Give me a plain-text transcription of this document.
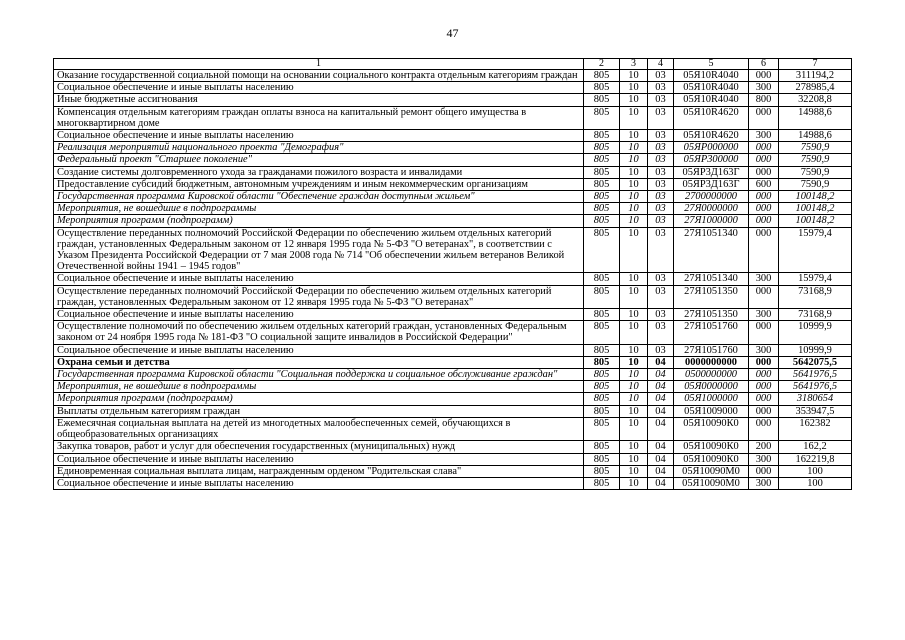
47
1	2	3	4	5	6	7
Оказание государственной социальной помощи на основании социального контракта отдельным категориям граждан	805	10	03	05Я10R4040	000	311194,2
Социальное обеспечение и иные выплаты населению	805	10	03	05Я10R4040	300	278985,4
Иные бюджетные ассигнования	805	10	03	05Я10R4040	800	32208,8
Компенсация отдельным категориям граждан оплаты взноса на капитальный ремонт общего имущества в многоквартирном доме	805	10	03	05Я10R4620	000	14988,6
Социальное обеспечение и иные выплаты населению	805	10	03	05Я10R4620	300	14988,6
Реализация мероприятий национального проекта "Демография"	805	10	03	05ЯР000000	000	7590,9
Федеральный проект "Старшее поколение"	805	10	03	05ЯР300000	000	7590,9
Создание системы долговременного ухода за гражданами пожилого возраста и инвалидами	805	10	03	05ЯР3Д163Г	000	7590,9
Предоставление субсидий бюджетным, автономным учреждениям и иным некоммерческим организациям	805	10	03	05ЯР3Д163Г	600	7590,9
Государственная программа Кировской области "Обеспечение граждан доступным жильем"	805	10	03	2700000000	000	100148,2
Мероприятия, не вошедшие в подпрограммы	805	10	03	27Я0000000	000	100148,2
Мероприятия программ (подпрограмм)	805	10	03	27Я1000000	000	100148,2
Осуществление переданных полномочий Российской Федерации по обеспечению жильем отдельных категорий граждан, установленных Федеральным законом от 12 января 1995 года № 5-ФЗ "О ветеранах", в соответствии с Указом Президента Российской Федерации от 7 мая 2008 года № 714 "Об обеспечении жильем ветеранов Великой Отечественной войны 1941 – 1945 годов"	805	10	03	27Я1051340	000	15979,4
Социальное обеспечение и иные выплаты населению	805	10	03	27Я1051340	300	15979,4
Осуществление переданных полномочий Российской Федерации по обеспечению жильем отдельных категорий граждан, установленных Федеральным законом от 12 января 1995 года № 5-ФЗ "О ветеранах"	805	10	03	27Я1051350	000	73168,9
Социальное обеспечение и иные выплаты населению	805	10	03	27Я1051350	300	73168,9
Осуществление полномочий по обеспечению жильем отдельных категорий граждан, установленных Федеральным законом от 24 ноября 1995 года № 181-ФЗ "О социальной защите инвалидов в Российской Федерации"	805	10	03	27Я1051760	000	10999,9
Социальное обеспечение и иные выплаты населению	805	10	03	27Я1051760	300	10999,9
Охрана семьи и детства	805	10	04	0000000000	000	5642075,5
Государственная программа Кировской области "Социальная поддержка и социальное обслуживание граждан"	805	10	04	0500000000	000	5641976,5
Мероприятия, не вошедшие в подпрограммы	805	10	04	05Я0000000	000	5641976,5
Мероприятия программ (подпрограмм)	805	10	04	05Я1000000	000	3180654
Выплаты отдельным категориям граждан	805	10	04	05Я1009000	000	353947,5
Ежемесячная социальная выплата на детей из многодетных малообеспеченных семей, обучающихся в общеобразовательных организациях	805	10	04	05Я10090К0	000	162382
Закупка товаров, работ и услуг для обеспечения государственных (муниципальных) нужд	805	10	04	05Я10090К0	200	162,2
Социальное обеспечение и иные выплаты населению	805	10	04	05Я10090К0	300	162219,8
Единовременная социальная выплата лицам, награжденным орденом "Родительская слава"	805	10	04	05Я10090М0	000	100
Социальное обеспечение и иные выплаты населению	805	10	04	05Я10090М0	300	100
